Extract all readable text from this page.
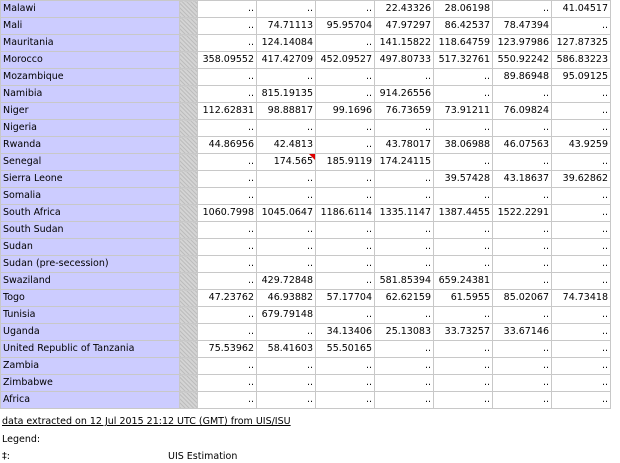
Malawi		..	..	..	22.43326	28.06198	..	41.04517
Mali		..	74.71113	95.95704	47.97297	86.42537	78.47394	..
Mauritania		..	124.14084	..	141.15822	118.64759	123.97986	127.87325
Morocco		358.09552	417.42709	452.09527	497.80733	517.32761	550.92242	586.83223
Mozambique		..	..	..	..	..	89.86948	95.09125
Namibia		..	815.19135	..	914.26556	..	..	..
Niger		112.62831	98.88817	99.1696	76.73659	73.91211	76.09824	..
Nigeria		..	..	..	..	..	..	..
Rwanda		44.86956	42.4813	..	43.78017	38.06988	46.07563	43.9259
Senegal		..	174.565	185.9119	174.24115	..	..	..
Sierra Leone		..	..	..	..	39.57428	43.18637	39.62862
Somalia		..	..	..	..	..	..	..
South Africa		1060.7998	1045.0647	1186.6114	1335.1147	1387.4455	1522.2291	..
South Sudan		..	..	..	..	..	..	..
Sudan		..	..	..	..	..	..	..
Sudan (pre-secession)		..	..	..	..	..	..	..
Swaziland		..	429.72848	..	581.85394	659.24381	..	..
Togo		47.23762	46.93882	57.17704	62.62159	61.5955	85.02067	74.73418
Tunisia		..	679.79148	..	..	..	..	..
Uganda		..	..	34.13406	25.13083	33.73257	33.67146	..
United Republic of Tanzania		75.53962	58.41603	55.50165	..	..	..	..
Zambia		..	..	..	..	..	..	..
Zimbabwe		..	..	..	..	..	..	..
Africa		..	..	..	..	..	..	..
data extracted on 12 Jul 2015 21:12 UTC (GMT) from UIS/ISU
Legend:
‡:	UIS Estimation
